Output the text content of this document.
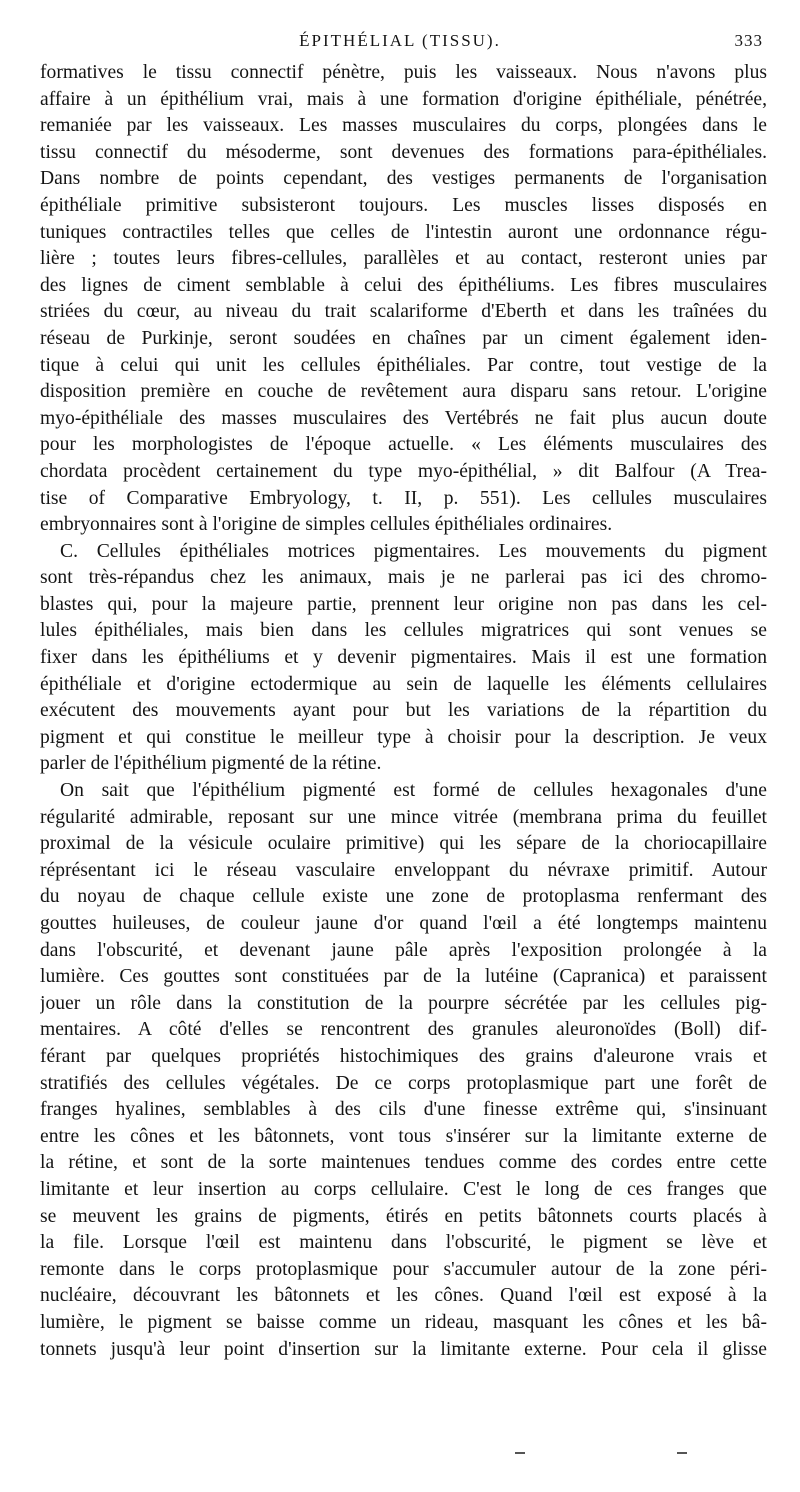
ÉPITHÉLIAL (TISSU).	333
formatives le tissu connectif pénètre, puis les vaisseaux. Nous n'avons plus
affaire à un épithélium vrai, mais à une formation d'origine épithéliale, pénétrée,
remaniée par les vaisseaux. Les masses musculaires du corps, plongées dans le
tissu connectif du mésoderme, sont devenues des formations para-épithéliales.
Dans nombre de points cependant, des vestiges permanents de l'organisation
épithéliale primitive subsisteront toujours. Les muscles lisses disposés en
tuniques contractiles telles que celles de l'intestin auront une ordonnance régu-
lière ; toutes leurs fibres-cellules, parallèles et au contact, resteront unies par
des lignes de ciment semblable à celui des épithéliums. Les fibres musculaires
striées du cœur, au niveau du trait scalariforme d'Eberth et dans les traînées du
réseau de Purkinje, seront soudées en chaînes par un ciment également iden-
tique à celui qui unit les cellules épithéliales. Par contre, tout vestige de la
disposition première en couche de revêtement aura disparu sans retour. L'origine
myo-épithéliale des masses musculaires des Vertébrés ne fait plus aucun doute
pour les morphologistes de l'époque actuelle. « Les éléments musculaires des
chordata procèdent certainement du type myo-épithélial, » dit Balfour (A Trea-
tise of Comparative Embryology, t. II, p. 551). Les cellules musculaires
embryonnaires sont à l'origine de simples cellules épithéliales ordinaires.
C. Cellules épithéliales motrices pigmentaires. Les mouvements du pigment
sont très-répandus chez les animaux, mais je ne parlerai pas ici des chromo-
blastes qui, pour la majeure partie, prennent leur origine non pas dans les cel-
lules épithéliales, mais bien dans les cellules migratrices qui sont venues se
fixer dans les épithéliums et y devenir pigmentaires. Mais il est une formation
épithéliale et d'origine ectodermique au sein de laquelle les éléments cellulaires
exécutent des mouvements ayant pour but les variations de la répartition du
pigment et qui constitue le meilleur type à choisir pour la description. Je veux
parler de l'épithélium pigmenté de la rétine.
On sait que l'épithélium pigmenté est formé de cellules hexagonales d'une
régularité admirable, reposant sur une mince vitrée (membrana prima du feuillet
proximal de la vésicule oculaire primitive) qui les sépare de la choriocapillaire
réprésentant ici le réseau vasculaire enveloppant du névraxe primitif. Autour
du noyau de chaque cellule existe une zone de protoplasma renfermant des
gouttes huileuses, de couleur jaune d'or quand l'œil a été longtemps maintenu
dans l'obscurité, et devenant jaune pâle après l'exposition prolongée à la
lumière. Ces gouttes sont constituées par de la lutéine (Capranica) et paraissent
jouer un rôle dans la constitution de la pourpre sécrétée par les cellules pig-
mentaires. A côté d'elles se rencontrent des granules aleuronoïdes (Boll) dif-
férant par quelques propriétés histochimiques des grains d'aleurone vrais et
stratifiés des cellules végétales. De ce corps protoplasmique part une forêt de
franges hyalines, semblables à des cils d'une finesse extrême qui, s'insinuant
entre les cônes et les bâtonnets, vont tous s'insérer sur la limitante externe de
la rétine, et sont de la sorte maintenues tendues comme des cordes entre cette
limitante et leur insertion au corps cellulaire. C'est le long de ces franges que
se meuvent les grains de pigments, étirés en petits bâtonnets courts placés à
la file. Lorsque l'œil est maintenu dans l'obscurité, le pigment se lève et
remonte dans le corps protoplasmique pour s'accumuler autour de la zone péri-
nucléaire, découvrant les bâtonnets et les cônes. Quand l'œil est exposé à la
lumière, le pigment se baisse comme un rideau, masquant les cônes et les bâ-
tonnets jusqu'à leur point d'insertion sur la limitante externe. Pour cela il glisse
